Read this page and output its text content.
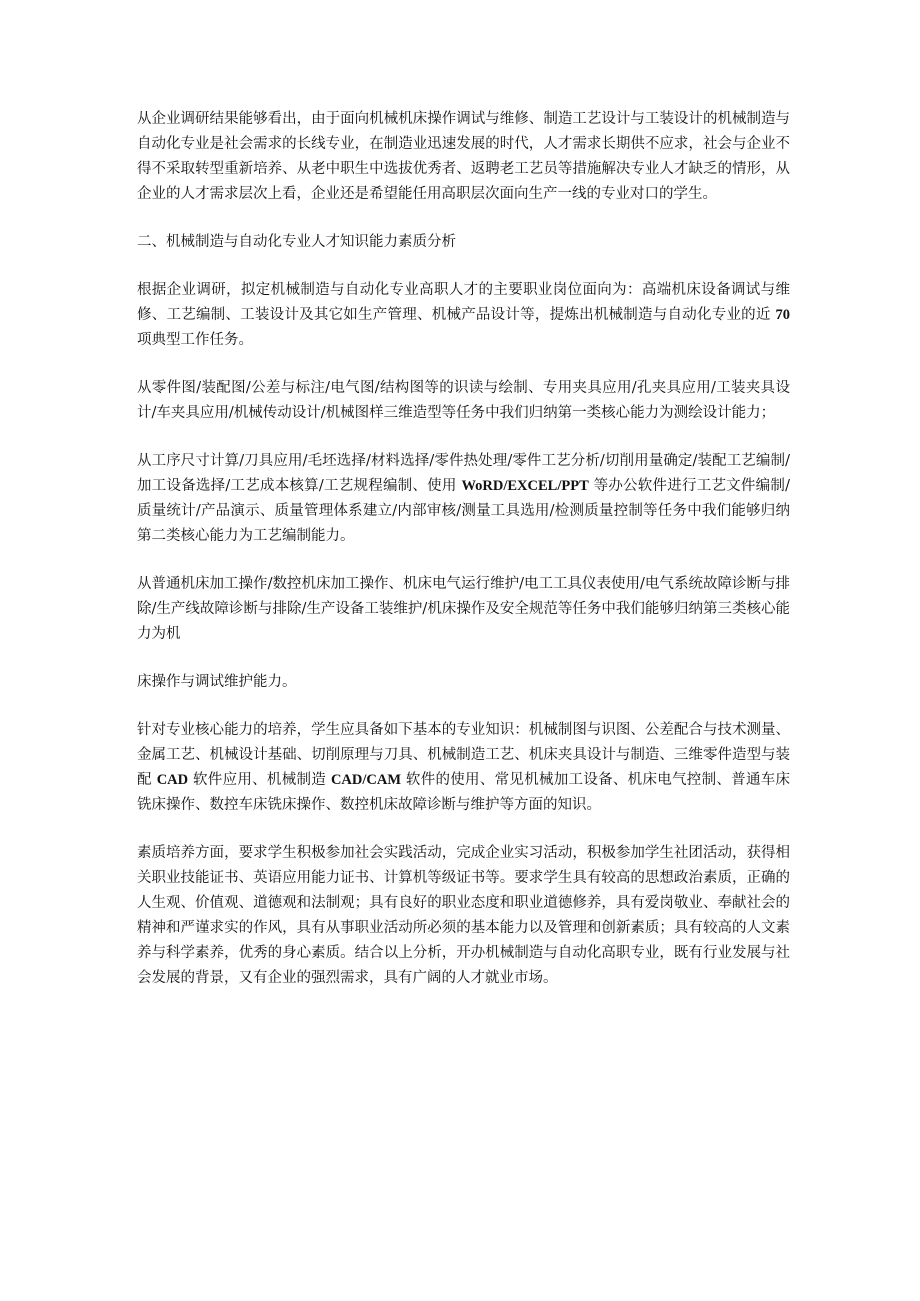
从企业调研结果能够看出，由于面向机械机床操作调试与维修、制造工艺设计与工装设计的机械制造与自动化专业是社会需求的长线专业，在制造业迅速发展的时代，人才需求长期供不应求，社会与企业不得不采取转型重新培养、从老中职生中选拔优秀者、返聘老工艺员等措施解决专业人才缺乏的情形，从企业的人才需求层次上看，企业还是希望能任用高职层次面向生产一线的专业对口的学生。

二、机械制造与自动化专业人才知识能力素质分析

根据企业调研，拟定机械制造与自动化专业高职人才的主要职业岗位面向为：高端机床设备调试与维修、工艺编制、工装设计及其它如生产管理、机械产品设计等，提炼出机械制造与自动化专业的近 70 项典型工作任务。

从零件图/装配图/公差与标注/电气图/结构图等的识读与绘制、专用夹具应用/孔夹具应用/工装夹具设计/车夹具应用/机械传动设计/机械图样三维造型等任务中我们归纳第一类核心能力为测绘设计能力；

从工序尺寸计算/刀具应用/毛坯选择/材料选择/零件热处理/零件工艺分析/切削用量确定/装配工艺编制/加工设备选择/工艺成本核算/工艺规程编制、使用 WoRD/EXCEL/PPT 等办公软件进行工艺文件编制/质量统计/产品演示、质量管理体系建立/内部审核/测量工具选用/检测质量控制等任务中我们能够归纳第二类核心能力为工艺编制能力。

从普通机床加工操作/数控机床加工操作、机床电气运行维护/电工工具仪表使用/电气系统故障诊断与排除/生产线故障诊断与排除/生产设备工装维护/机床操作及安全规范等任务中我们能够归纳第三类核心能力为机

床操作与调试维护能力。

针对专业核心能力的培养，学生应具备如下基本的专业知识：机械制图与识图、公差配合与技术测量、金属工艺、机械设计基础、切削原理与刀具、机械制造工艺、机床夹具设计与制造、三维零件造型与装配 CAD 软件应用、机械制造 CAD/CAM 软件的使用、常见机械加工设备、机床电气控制、普通车床铣床操作、数控车床铣床操作、数控机床故障诊断与维护等方面的知识。

素质培养方面，要求学生积极参加社会实践活动，完成企业实习活动，积极参加学生社团活动，获得相关职业技能证书、英语应用能力证书、计算机等级证书等。要求学生具有较高的思想政治素质，正确的人生观、价值观、道德观和法制观；具有良好的职业态度和职业道德修养，具有爱岗敬业、奉献社会的精神和严谨求实的作风，具有从事职业活动所必须的基本能力以及管理和创新素质；具有较高的人文素养与科学素养，优秀的身心素质。结合以上分析，开办机械制造与自动化高职专业，既有行业发展与社会发展的背景，又有企业的强烈需求，具有广阔的人才就业市场。
